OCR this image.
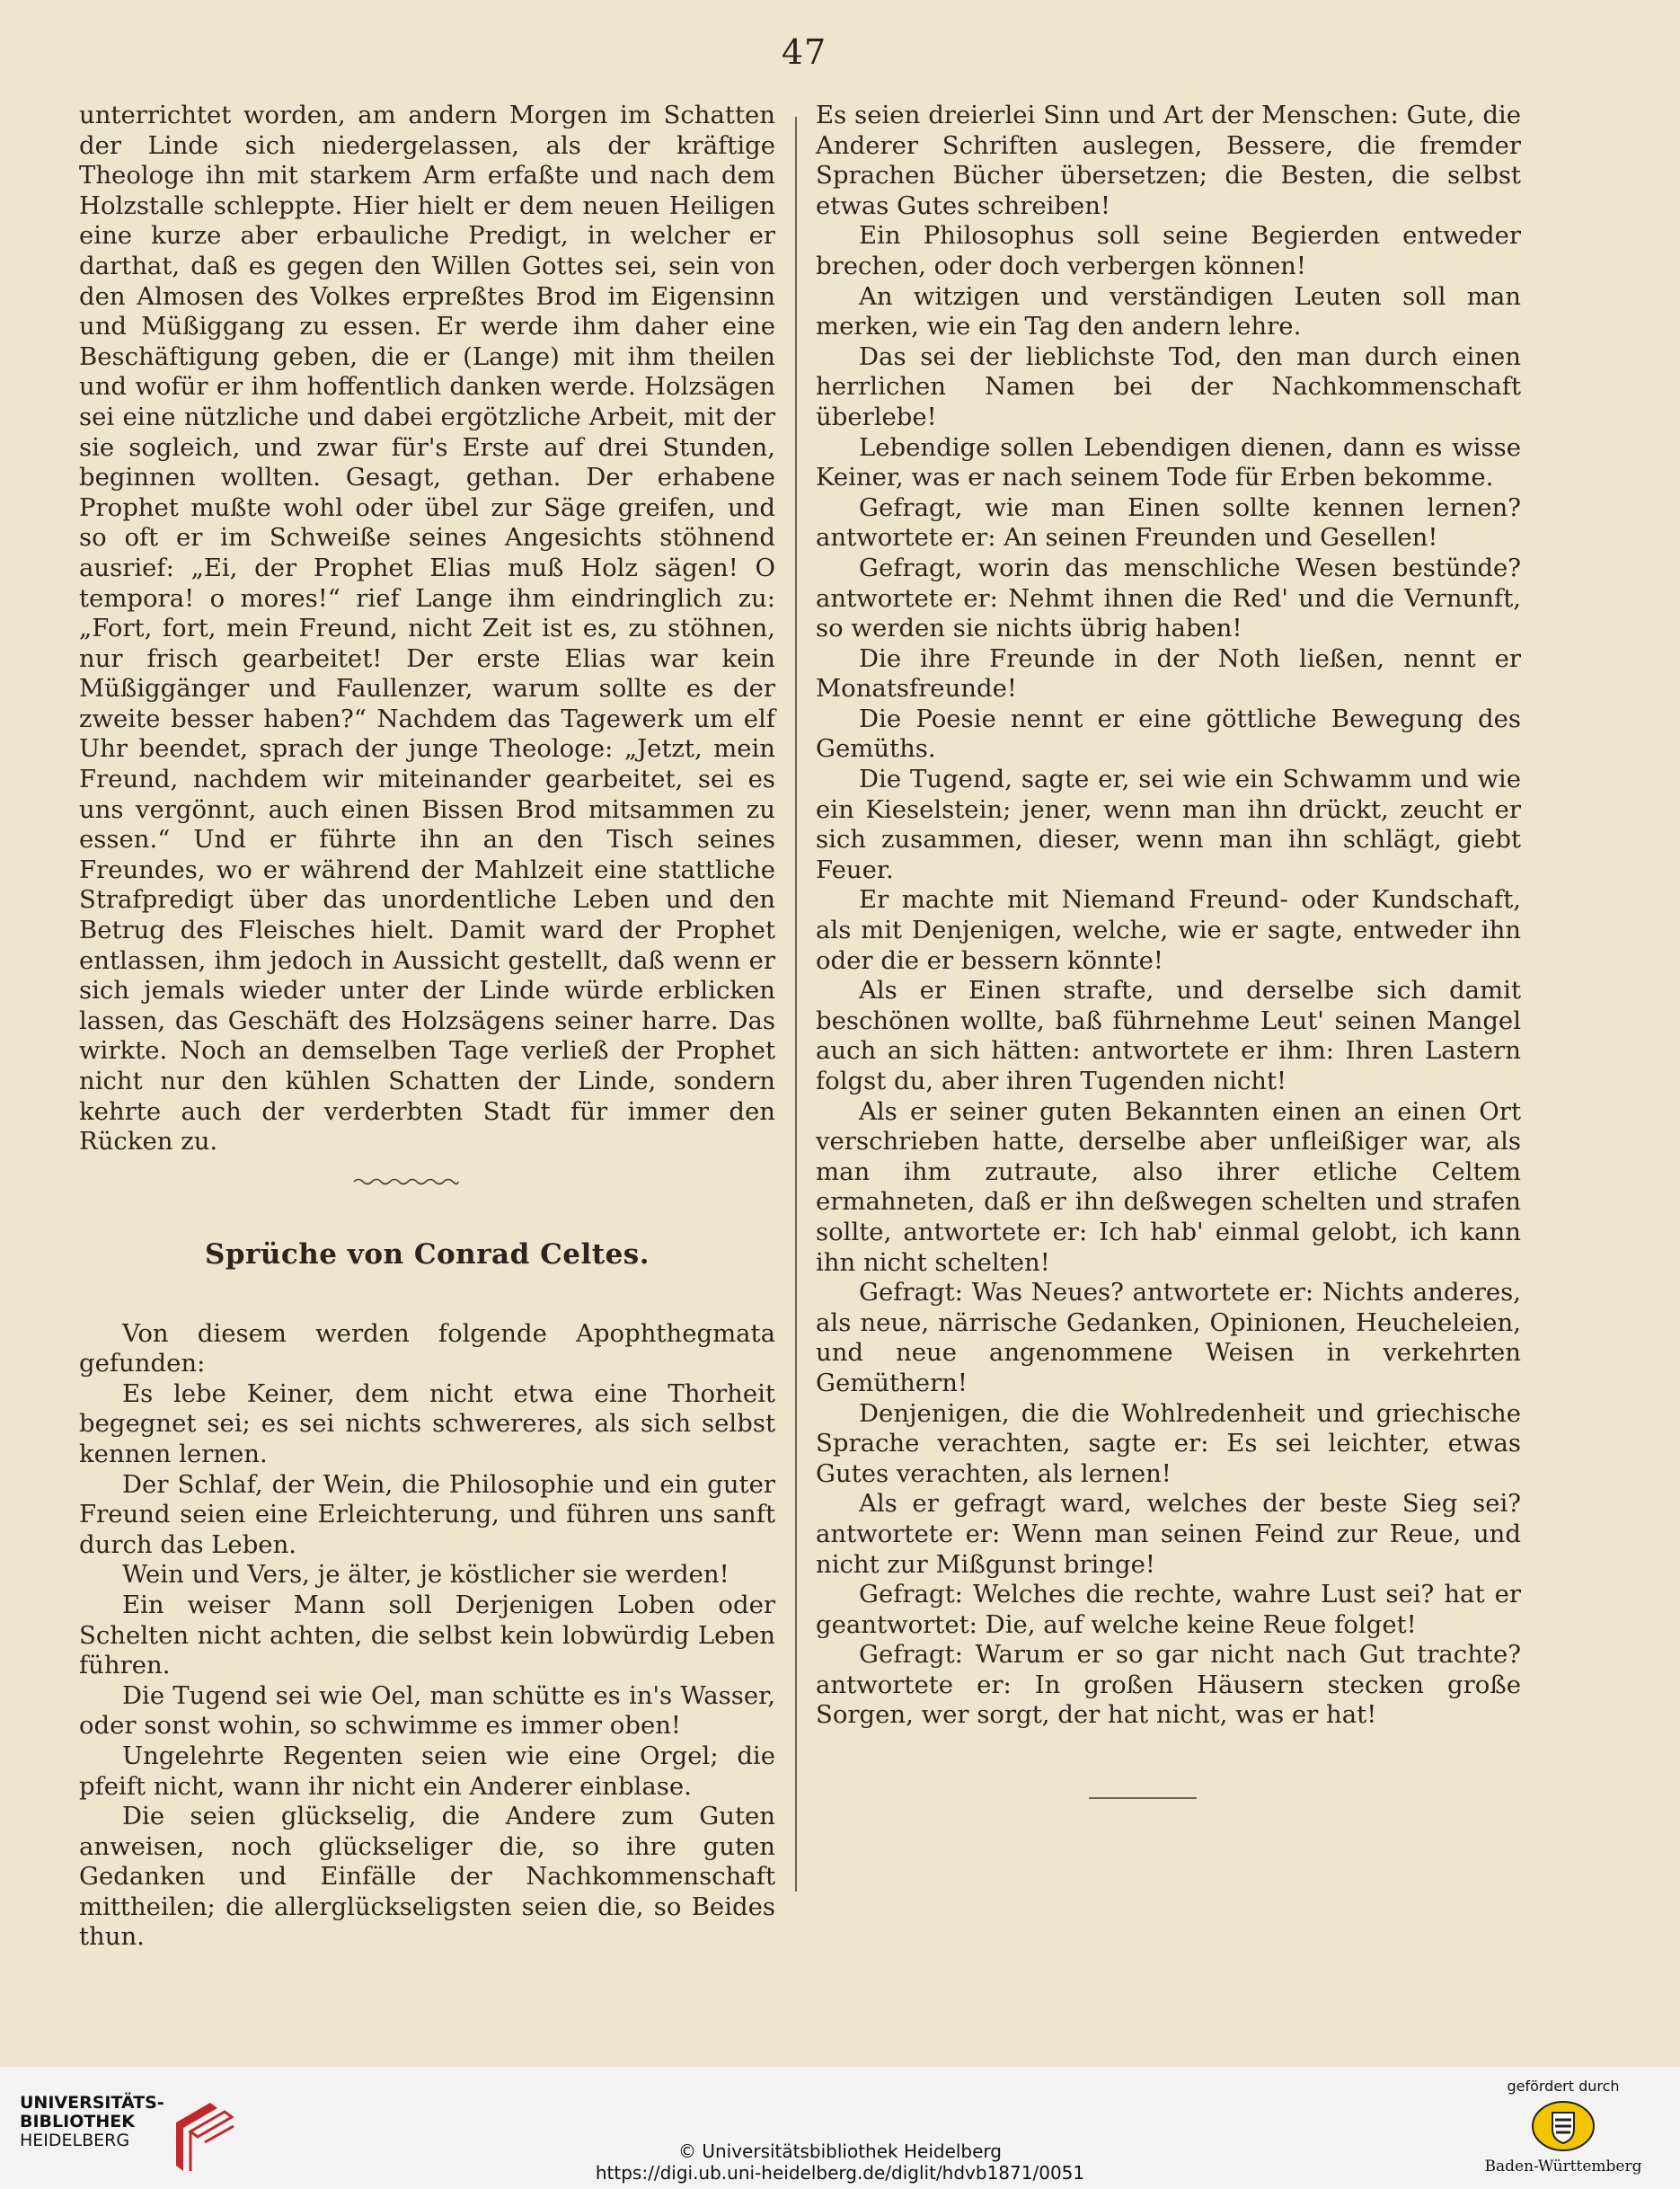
47

unterrichtet worden, am andern Morgen im Schatten der Linde sich niedergelassen, als der kräftige Theologe ihn mit starkem Arm erfaßte und nach dem Holzstalle schleppte. Hier hielt er dem neuen Heiligen eine kurze aber erbauliche Predigt, in welcher er darthat, daß es gegen den Willen Gottes sei, sein von den Almosen des Volkes erpreßtes Brod im Eigensinn und Müßiggang zu essen. Er werde ihm daher eine Beschäftigung geben, die er (Lange) mit ihm theilen und wofür er ihm hoffentlich danken werde. Holzsägen sei eine nützliche und dabei ergötzliche Arbeit, mit der sie sogleich, und zwar für's Erste auf drei Stunden, beginnen wollten. Gesagt, gethan. Der erhabene Prophet mußte wohl oder übel zur Säge greifen, und so oft er im Schweiße seines Angesichts stöhnend ausrief: „Ei, der Prophet Elias muß Holz sägen! O tempora! o mores!“ rief Lange ihm eindringlich zu: „Fort, fort, mein Freund, nicht Zeit ist es, zu stöhnen, nur frisch gearbeitet! Der erste Elias war kein Müßiggänger und Faullenzer, warum sollte es der zweite besser haben?“ Nachdem das Tagewerk um elf Uhr beendet, sprach der junge Theologe: „Jetzt, mein Freund, nachdem wir miteinander gearbeitet, sei es uns vergönnt, auch einen Bissen Brod mitsammen zu essen.“ Und er führte ihn an den Tisch seines Freundes, wo er während der Mahlzeit eine stattliche Strafpredigt über das unordentliche Leben und den Betrug des Fleisches hielt. Damit ward der Prophet entlassen, ihm jedoch in Aussicht gestellt, daß wenn er sich jemals wieder unter der Linde würde erblicken lassen, das Geschäft des Holzsägens seiner harre. Das wirkte. Noch an demselben Tage verließ der Prophet nicht nur den kühlen Schatten der Linde, sondern kehrte auch der verderbten Stadt für immer den Rücken zu.

Sprüche von Conrad Celtes.

Von diesem werden folgende Apophthegmata gefunden:

Es lebe Keiner, dem nicht etwa eine Thorheit begegnet sei; es sei nichts schwereres, als sich selbst kennen lernen.

Der Schlaf, der Wein, die Philosophie und ein guter Freund seien eine Erleichterung, und führen uns sanft durch das Leben.

Wein und Vers, je älter, je köstlicher sie werden!

Ein weiser Mann soll Derjenigen Loben oder Schelten nicht achten, die selbst kein lobwürdig Leben führen.

Die Tugend sei wie Oel, man schütte es in's Wasser, oder sonst wohin, so schwimme es immer oben!

Ungelehrte Regenten seien wie eine Orgel; die pfeift nicht, wann ihr nicht ein Anderer einblase.

Die seien glückselig, die Andere zum Guten anweisen, noch glückseliger die, so ihre guten Gedanken und Einfälle der Nachkommenschaft mittheilen; die allerglückseligsten seien die, so Beides thun.

Es seien dreierlei Sinn und Art der Menschen: Gute, die Anderer Schriften auslegen, Bessere, die fremder Sprachen Bücher übersetzen; die Besten, die selbst etwas Gutes schreiben!

Ein Philosophus soll seine Begierden entweder brechen, oder doch verbergen können!

An witzigen und verständigen Leuten soll man merken, wie ein Tag den andern lehre.

Das sei der lieblichste Tod, den man durch einen herrlichen Namen bei der Nachkommenschaft überlebe!

Lebendige sollen Lebendigen dienen, dann es wisse Keiner, was er nach seinem Tode für Erben bekomme.

Gefragt, wie man Einen sollte kennen lernen? antwortete er: An seinen Freunden und Gesellen!

Gefragt, worin das menschliche Wesen bestünde? antwortete er: Nehmt ihnen die Red' und die Vernunft, so werden sie nichts übrig haben!

Die ihre Freunde in der Noth ließen, nennt er Monatsfreunde!

Die Poesie nennt er eine göttliche Bewegung des Gemüths.

Die Tugend, sagte er, sei wie ein Schwamm und wie ein Kieselstein; jener, wenn man ihn drückt, zeucht er sich zusammen, dieser, wenn man ihn schlägt, giebt Feuer.

Er machte mit Niemand Freund- oder Kundschaft, als mit Denjenigen, welche, wie er sagte, entweder ihn oder die er bessern könnte!

Als er Einen strafte, und derselbe sich damit beschönen wollte, baß führnehme Leut' seinen Mangel auch an sich hätten: antwortete er ihm: Ihren Lastern folgst du, aber ihren Tugenden nicht!

Als er seiner guten Bekannten einen an einen Ort verschrieben hatte, derselbe aber unfleißiger war, als man ihm zutraute, also ihrer etliche Celtem ermahneten, daß er ihn deßwegen schelten und strafen sollte, antwortete er: Ich hab' einmal gelobt, ich kann ihn nicht schelten!

Gefragt: Was Neues? antwortete er: Nichts anderes, als neue, närrische Gedanken, Opinionen, Heucheleien, und neue angenommene Weisen in verkehrten Gemüthern!

Denjenigen, die die Wohlredenheit und griechische Sprache verachten, sagte er: Es sei leichter, etwas Gutes verachten, als lernen!

Als er gefragt ward, welches der beste Sieg sei? antwortete er: Wenn man seinen Feind zur Reue, und nicht zur Mißgunst bringe!

Gefragt: Welches die rechte, wahre Lust sei? hat er geantwortet: Die, auf welche keine Reue folget!

Gefragt: Warum er so gar nicht nach Gut trachte? antwortete er: In großen Häusern stecken große Sorgen, wer sorgt, der hat nicht, was er hat!

UNIVERSITÄTS-
BIBLIOTHEK
HEIDELBERG	© Universitätsbibliothek Heidelberg
https://digi.ub.uni-heidelberg.de/diglit/hdvb1871/0051
gefördert durch
Baden-Württemberg
